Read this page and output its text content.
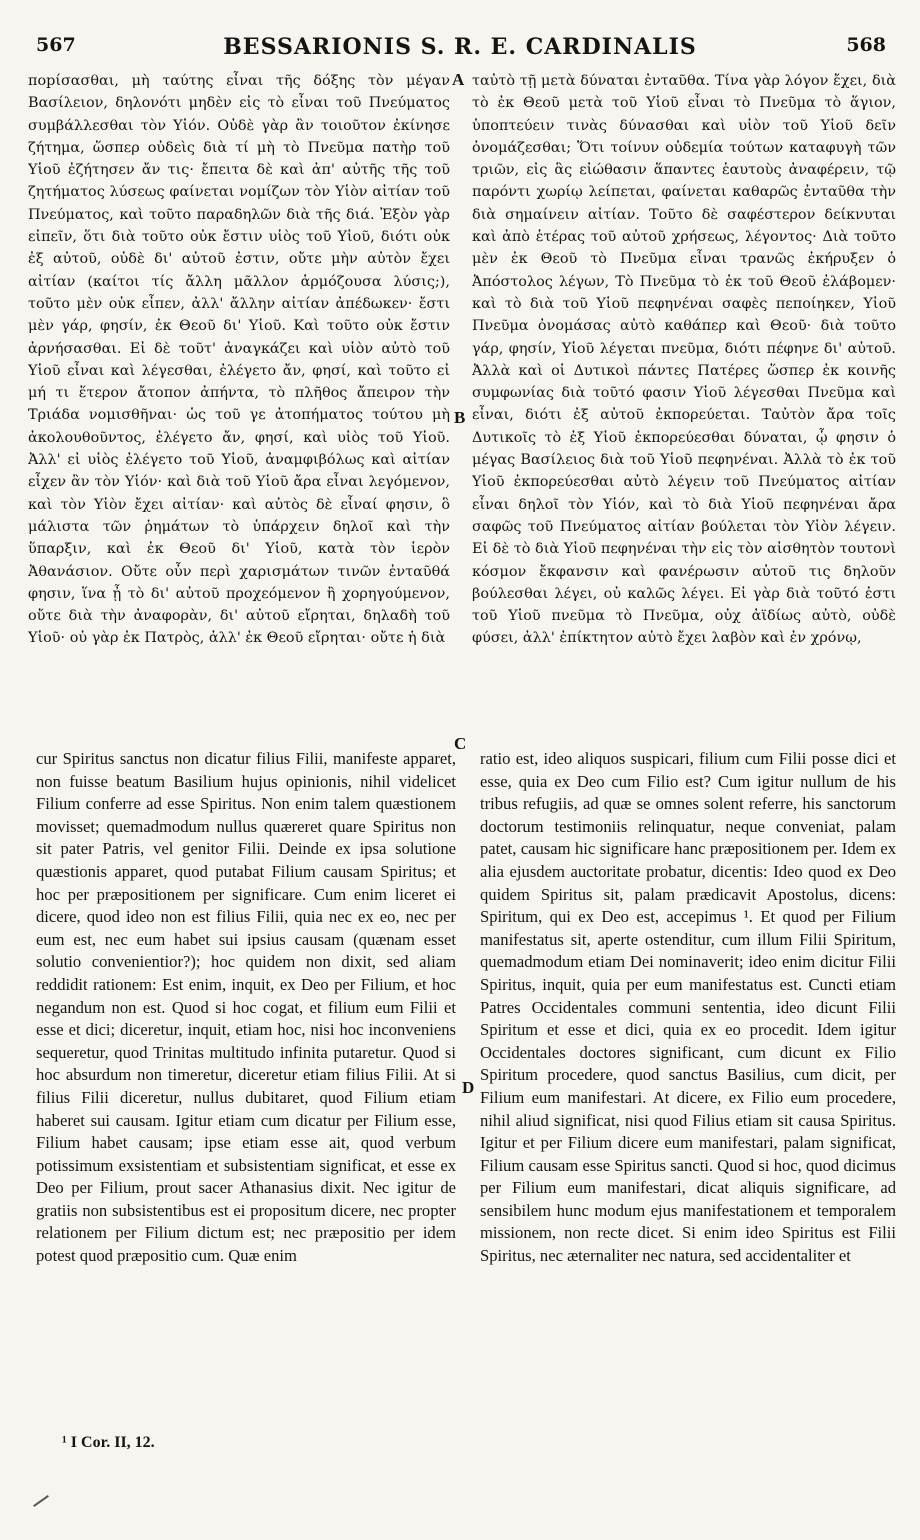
567	BESSARIONIS S. R. E. CARDINALIS	568
A
B
C
D
ποpίσασθαι, μὴ ταύτης εἶναι τῆς δόξης τὸν μέγαν Βασίλειον, δηλονότι μηδὲν εἰς τὸ εἶναι τοῦ Πνεύματος συμβάλλεσθαι τὸν Υἱόν. Οὐδὲ γὰρ ἂν τοιοῦτον ἐκίνησε ζήτημα, ὥσπερ οὐδεὶς διὰ τί μὴ τὸ Πνεῦμα πατὴρ τοῦ Υἱοῦ ἐζήτησεν ἄν τις· ἔπειτα δὲ καὶ ἀπ' αὐτῆς τῆς τοῦ ζητήματος λύσεως φαίνεται νομίζων τὸν Υἱὸν αἰτίαν τοῦ Πνεύματος, καὶ τοῦτο παραδηλῶν διὰ τῆς διά. Ἐξὸν γὰρ εἰπεῖν, ὅτι διὰ τοῦτο οὐκ ἔστιν υἱὸς τοῦ Υἱοῦ, διότι οὐκ ἐξ αὐτοῦ, οὐδὲ δι' αὐτοῦ ἐστιν, οὔτε μὴν αὐτὸν ἔχει αἰτίαν (καίτοι τίς ἄλλη μᾶλλον ἁρμόζουσα λύσις;), τοῦτο μὲν οὐκ εἶπεν, ἀλλ' ἄλλην αἰτίαν ἀπέδωκεν· ἔστι μὲν γάρ, φησίν, ἐκ Θεοῦ δι' Υἱοῦ. Καὶ τοῦτο οὐκ ἔστιν ἀρνήσασθαι. Εἰ δὲ τοῦτ' ἀναγκάζει καὶ υἱὸν αὐτὸ τοῦ Υἱοῦ εἶναι καὶ λέγεσθαι, ἐλέγετο ἄν, φησί, καὶ τοῦτο εἰ μή τι ἕτερον ἄτοπον ἀπήντα, τὸ πλῆθος ἄπειρον τὴν Τριάδα νομισθῆναι· ὡς τοῦ γε ἀτοπήματος τούτου μὴ ἀκολουθοῦντος, ἐλέγετο ἄν, φησί, καὶ υἱὸς τοῦ Υἱοῦ. Ἀλλ' εἰ υἱὸς ἐλέγετο τοῦ Υἱοῦ, ἀναμφιβόλως καὶ αἰτίαν εἶχεν ἂν τὸν Υἱόν· καὶ διὰ τοῦ Υἱοῦ ἄρα εἶναι λεγόμενον, καὶ τὸν Υἱὸν ἔχει αἰτίαν· καὶ αὐτὸς δὲ εἶναί φησιν, ὃ μάλιστα τῶν ῥημάτων τὸ ὑπάρχειν δηλοῖ καὶ τὴν ὕπαρξιν, καὶ ἐκ Θεοῦ δι' Υἱοῦ, κατὰ τὸν ἱερὸν Ἀθανάσιον. Οὔτε οὖν περὶ χαρισμάτων τινῶν ἐνταῦθά φησιν, ἵνα ᾖ τὸ δι' αὐτοῦ προχεόμενον ἢ χορηγούμενον, οὔτε διὰ τὴν ἀναφορὰν, δι' αὐτοῦ εἴρηται, δηλαδὴ τοῦ Υἱοῦ· οὐ γὰρ ἐκ Πατρὸς, ἀλλ' ἐκ Θεοῦ εἴρηται· οὔτε ἡ διὰ
ταὐτὸ τῇ μετὰ δύναται ἐνταῦθα. Τίνα γὰρ λόγον ἔχει, διὰ τὸ ἐκ Θεοῦ μετὰ τοῦ Υἱοῦ εἶναι τὸ Πνεῦμα τὸ ἅγιον, ὑποπτεύειν τινὰς δύνασθαι καὶ υἱὸν τοῦ Υἱοῦ δεῖν ὀνομάζεσθαι; Ὅτι τοίνυν οὐδεμία τούτων καταφυγὴ τῶν τριῶν, εἰς ἃς εἰώθασιν ἅπαντες ἑαυτοὺς ἀναφέρειν, τῷ παρόντι χωρίῳ λείπεται, φαίνεται καθαρῶς ἐνταῦθα τὴν διὰ σημαίνειν αἰτίαν. Τοῦτο δὲ σαφέστερον δείκνυται καὶ ἀπὸ ἑτέρας τοῦ αὐτοῦ χρήσεως, λέγοντος· Διὰ τοῦτο μὲν ἐκ Θεοῦ τὸ Πνεῦμα εἶναι τρανῶς ἐκήρυξεν ὁ Ἀπόστολος λέγων, Τὸ Πνεῦμα τὸ ἐκ τοῦ Θεοῦ ἐλάβομεν· καὶ τὸ διὰ τοῦ Υἱοῦ πεφηνέναι σαφὲς πεποίηκεν, Υἱοῦ Πνεῦμα ὀνομάσας αὐτὸ καθάπερ καὶ Θεοῦ· διὰ τοῦτο γάρ, φησίν, Υἱοῦ λέγεται πνεῦμα, διότι πέφηνε δι' αὐτοῦ. Ἀλλὰ καὶ οἱ Δυτικοὶ πάντες Πατέρες ὥσπερ ἐκ κοινῆς συμφωνίας διὰ τοῦτό φασιν Υἱοῦ λέγεσθαι Πνεῦμα καὶ εἶναι, διότι ἐξ αὐτοῦ ἐκπορεύεται. Ταὐτὸν ἄρα τοῖς Δυτικοῖς τὸ ἐξ Υἱοῦ ἐκπορεύεσθαι δύναται, ᾧ φησιν ὁ μέγας Βασίλειος διὰ τοῦ Υἱοῦ πεφηνέναι. Ἀλλὰ τὸ ἐκ τοῦ Υἱοῦ ἐκπορεύεσθαι αὐτὸ λέγειν τοῦ Πνεύματος αἰτίαν εἶναι δηλοῖ τὸν Υἱόν, καὶ τὸ διὰ Υἱοῦ πεφηνέναι ἄρα σαφῶς τοῦ Πνεύματος αἰτίαν βούλεται τὸν Υἱὸν λέγειν. Εἰ δὲ τὸ διὰ Υἱοῦ πεφηνέναι τὴν εἰς τὸν αἰσθητὸν τουτονὶ κόσμον ἔκφανσιν καὶ φανέρωσιν αὐτοῦ τις δηλοῦν βούλεσθαι λέγει, οὐ καλῶς λέγει. Εἰ γὰρ διὰ τοῦτό ἐστι τοῦ Υἱοῦ πνεῦμα τὸ Πνεῦμα, οὐχ ἀϊδίως αὐτὸ, οὐδὲ φύσει, ἀλλ' ἐπίκτητον αὐτὸ ἔχει λαβὸν καὶ ἐν χρόνῳ,
cur Spiritus sanctus non dicatur filius Filii, manifeste apparet, non fuisse beatum Basilium hujus opinionis, nihil videlicet Filium conferre ad esse Spiritus. Non enim talem quæstionem movisset; quemadmodum nullus quæreret quare Spiritus non sit pater Patris, vel genitor Filii. Deinde ex ipsa solutione quæstionis apparet, quod putabat Filium causam Spiritus; et hoc per præpositionem per significare. Cum enim liceret ei dicere, quod ideo non est filius Filii, quia nec ex eo, nec per eum est, nec eum habet sui ipsius causam (quænam esset solutio convenientior?); hoc quidem non dixit, sed aliam reddidit rationem: Est enim, inquit, ex Deo per Filium, et hoc negandum non est. Quod si hoc cogat, et filium eum Filii et esse et dici; diceretur, inquit, etiam hoc, nisi hoc inconveniens sequeretur, quod Trinitas multitudo infinita putaretur. Quod si hoc absurdum non timeretur, diceretur etiam filius Filii. At si filius Filii diceretur, nullus dubitaret, quod Filium etiam haberet sui causam. Igitur etiam cum dicatur per Filium esse, Filium habet causam; ipse etiam esse ait, quod verbum potissimum exsistentiam et subsistentiam significat, et esse ex Deo per Filium, prout sacer Athanasius dixit. Nec igitur de gratiis non subsistentibus est ei propositum dicere, nec propter relationem per Filium dictum est; nec præpositio per idem potest quod præpositio cum. Quæ enim
ratio est, ideo aliquos suspicari, filium cum Filii posse dici et esse, quia ex Deo cum Filio est? Cum igitur nullum de his tribus refugiis, ad quæ se omnes solent referre, his sanctorum doctorum testimoniis relinquatur, neque conveniat, palam patet, causam hic significare hanc præpositionem per. Idem ex alia ejusdem auctoritate probatur, dicentis: Ideo quod ex Deo quidem Spiritus sit, palam prædicavit Apostolus, dicens: Spiritum, qui ex Deo est, accepimus ¹. Et quod per Filium manifestatus sit, aperte ostenditur, cum illum Filii Spiritum, quemadmodum etiam Dei nominaverit; ideo enim dicitur Filii Spiritus, inquit, quia per eum manifestatus est. Cuncti etiam Patres Occidentales communi sententia, ideo dicunt Filii Spiritum et esse et dici, quia ex eo procedit. Idem igitur Occidentales doctores significant, cum dicunt ex Filio Spiritum procedere, quod sanctus Basilius, cum dicit, per Filium eum manifestari. At dicere, ex Filio eum procedere, nihil aliud significat, nisi quod Filius etiam sit causa Spiritus. Igitur et per Filium dicere eum manifestari, palam significat, Filium causam esse Spiritus sancti. Quod si hoc, quod dicimus per Filium eum manifestari, dicat aliquis significare, ad sensibilem hunc modum ejus manifestationem et temporalem missionem, non recte dicet. Si enim ideo Spiritus est Filii Spiritus, nec æternaliter nec natura, sed accidentaliter et
¹ I Cor. II, 12.
